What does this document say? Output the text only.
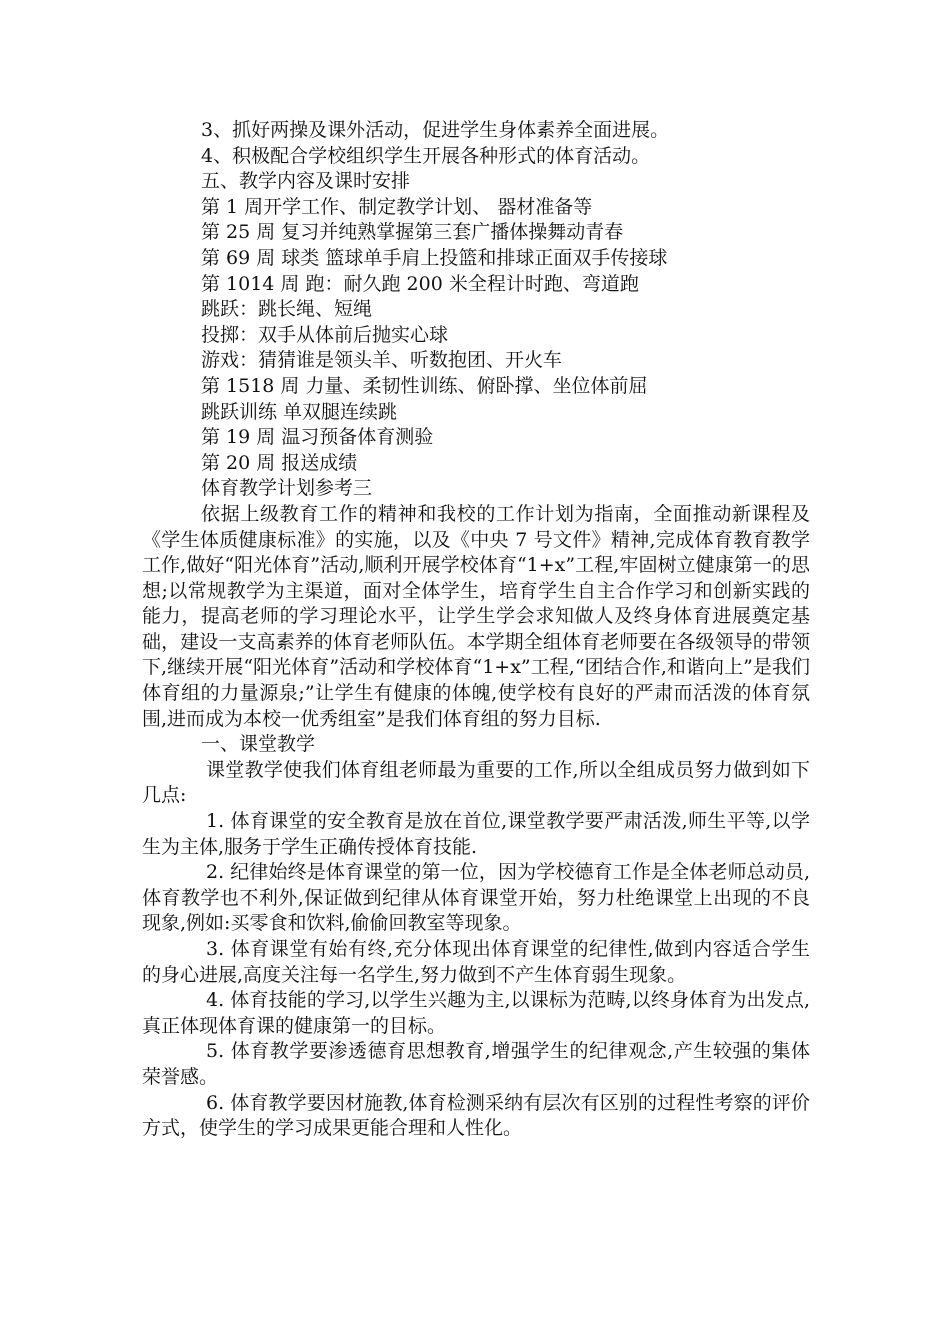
3、抓好两操及课外活动，促进学生身体素养全面进展。
4、积极配合学校组织学生开展各种形式的体育活动。
五、教学内容及课时安排
第 1 周开学工作、制定教学计划、 器材准备等
第 25 周 复习并纯熟掌握第三套广播体操舞动青春
第 69 周 球类 篮球单手肩上投篮和排球正面双手传接球
第 1014 周 跑：耐久跑 200 米全程计时跑、弯道跑
跳跃：跳长绳、短绳
投掷：双手从体前后抛实心球
游戏：猜猜谁是领头羊、听数抱团、开火车
第 1518 周 力量、柔韧性训练、俯卧撑、坐位体前屈
跳跃训练 单双腿连续跳
第 19 周 温习预备体育测验
第 20 周 报送成绩
体育教学计划参考三
依据上级教育工作的精神和我校的工作计划为指南，全面推动新课程及《学生体质健康标准》的实施，以及《中央 7 号文件》精神,完成体育教育教学工作,做好“阳光体育”活动,顺利开展学校体育“1+x”工程,牢固树立健康第一的思想;以常规教学为主渠道，面对全体学生，培育学生自主合作学习和创新实践的能力，提高老师的学习理论水平，让学生学会求知做人及终身体育进展奠定基础，建设一支高素养的体育老师队伍。本学期全组体育老师要在各级领导的带领下,继续开展“阳光体育”活动和学校体育“1+x”工程,“团结合作,和谐向上”是我们体育组的力量源泉;”让学生有健康的体魄,使学校有良好的严肃而活泼的体育氛围,进而成为本校一优秀组室”是我们体育组的努力目标.
一、课堂教学
课堂教学使我们体育组老师最为重要的工作,所以全组成员努力做到如下几点:
1. 体育课堂的安全教育是放在首位,课堂教学要严肃活泼,师生平等,以学生为主体,服务于学生正确传授体育技能.
2. 纪律始终是体育课堂的第一位，因为学校德育工作是全体老师总动员,体育教学也不利外,保证做到纪律从体育课堂开始，努力杜绝课堂上出现的不良现象,例如:买零食和饮料,偷偷回教室等现象。
3. 体育课堂有始有终,充分体现出体育课堂的纪律性,做到内容适合学生的身心进展,高度关注每一名学生,努力做到不产生体育弱生现象。
4. 体育技能的学习,以学生兴趣为主,以课标为范畴,以终身体育为出发点,真正体现体育课的健康第一的目标。
5. 体育教学要渗透德育思想教育,增强学生的纪律观念,产生较强的集体荣誉感。
6. 体育教学要因材施教,体育检测采纳有层次有区别的过程性考察的评价方式，使学生的学习成果更能合理和人性化。
